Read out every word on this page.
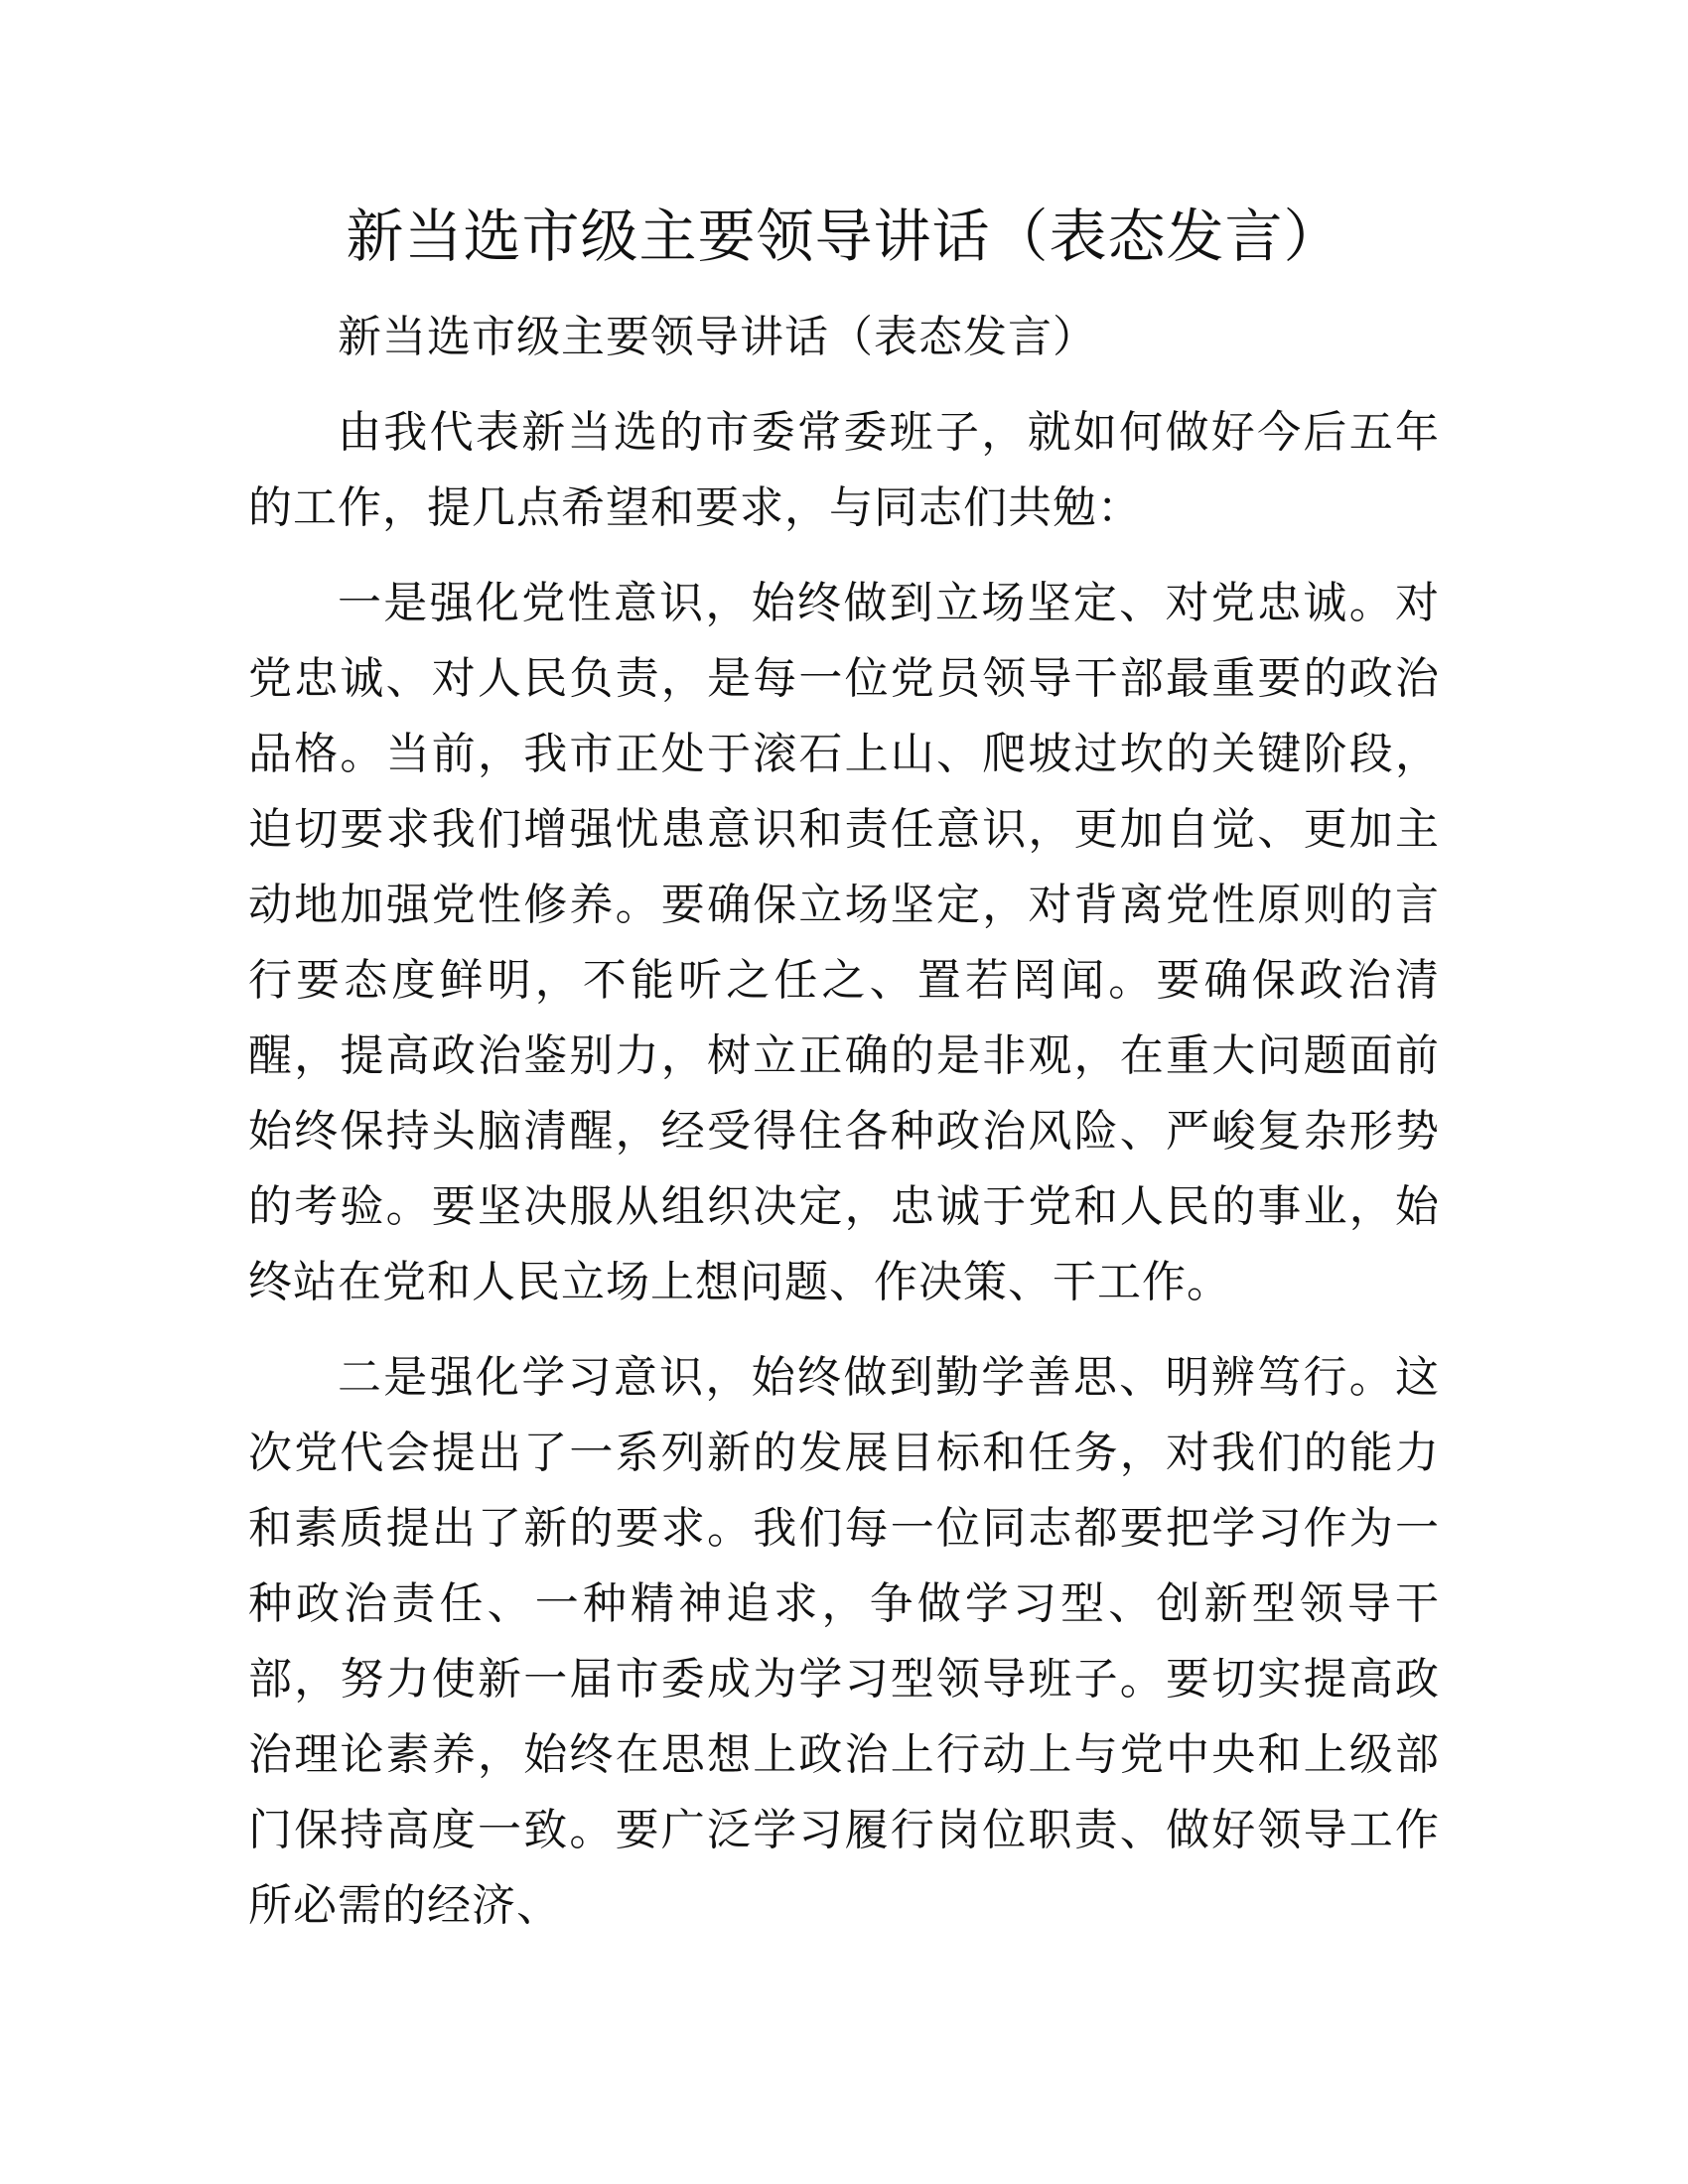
新当选市级主要领导讲话（表态发言）

新当选市级主要领导讲话（表态发言）

由我代表新当选的市委常委班子，就如何做好今后五年的工作，提几点希望和要求，与同志们共勉：

一是强化党性意识，始终做到立场坚定、对党忠诚。对党忠诚、对人民负责，是每一位党员领导干部最重要的政治品格。当前，我市正处于滚石上山、爬坡过坎的关键阶段，迫切要求我们增强忧患意识和责任意识，更加自觉、更加主动地加强党性修养。要确保立场坚定，对背离党性原则的言行要态度鲜明，不能听之任之、置若罔闻。要确保政治清醒，提高政治鉴别力，树立正确的是非观，在重大问题面前始终保持头脑清醒，经受得住各种政治风险、严峻复杂形势的考验。要坚决服从组织决定，忠诚于党和人民的事业，始终站在党和人民立场上想问题、作决策、干工作。

二是强化学习意识，始终做到勤学善思、明辨笃行。这次党代会提出了一系列新的发展目标和任务，对我们的能力和素质提出了新的要求。我们每一位同志都要把学习作为一种政治责任、一种精神追求，争做学习型、创新型领导干部，努力使新一届市委成为学习型领导班子。要切实提高政治理论素养，始终在思想上政治上行动上与党中央和上级部门保持高度一致。要广泛学习履行岗位职责、做好领导工作所必需的经济、
